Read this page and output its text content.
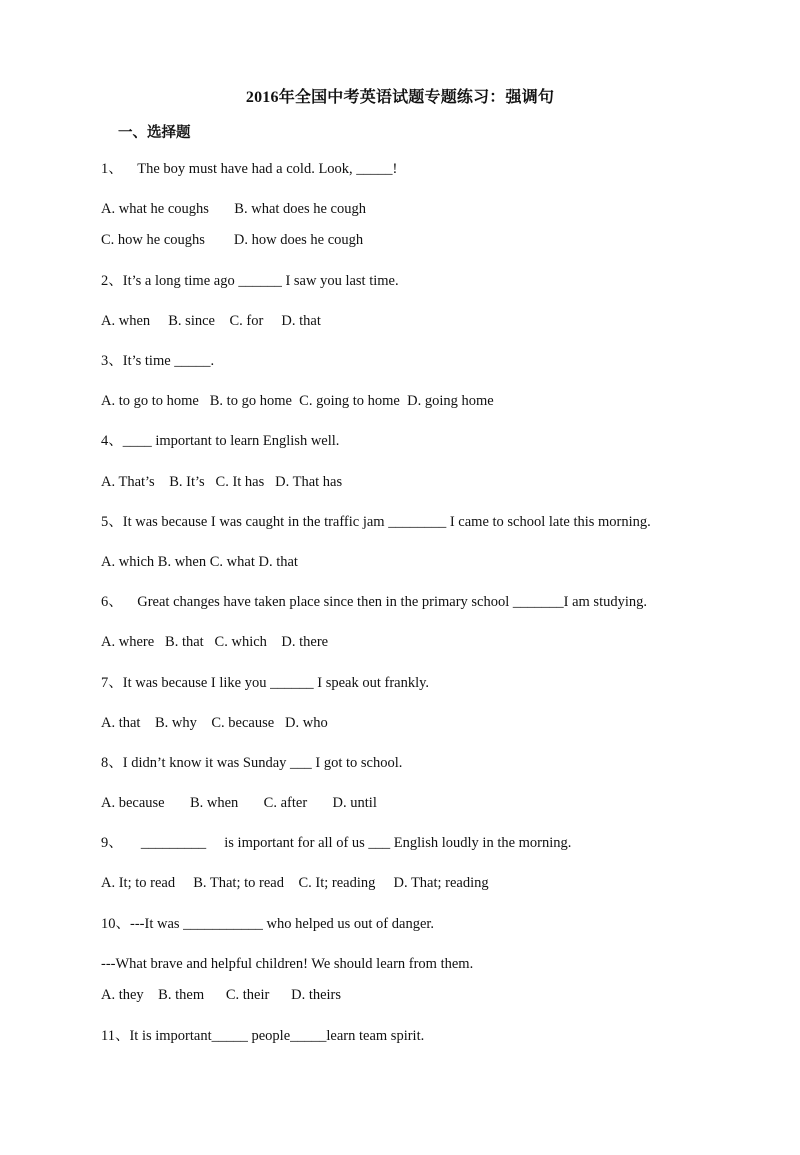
2016年全国中考英语试题专题练习：强调句
一、选择题
1、    The boy must have had a cold. Look, _____!
A. what he coughs       B. what does he cough
C. how he coughs        D. how does he cough
2、It’s a long time ago ______ I saw you last time.
A. when     B. since    C. for     D. that
3、It’s time _____.
A. to go to home   B. to go home  C. going to home  D. going home
4、____ important to learn English well.
A. That’s    B. It’s   C. It has   D. That has
5、It was because I was caught in the traffic jam ________ I came to school late this morning.
A. which B. when C. what D. that
6、    Great changes have taken place since then in the primary school _______I am studying.
A. where   B. that   C. which    D. there
7、It was because I like you ______ I speak out frankly.
A. that    B. why    C. because   D. who
8、I didn’t know it was Sunday ___ I got to school.
A. because       B. when       C. after       D. until
9、     _________     is important for all of us ___ English loudly in the morning.
A. It; to read     B. That; to read    C. It; reading     D. That; reading
10、---It was ___________ who helped us out of danger.
---What brave and helpful children! We should learn from them.
A. they    B. them      C. their      D. theirs
11、It is important_____ people_____learn team spirit.
